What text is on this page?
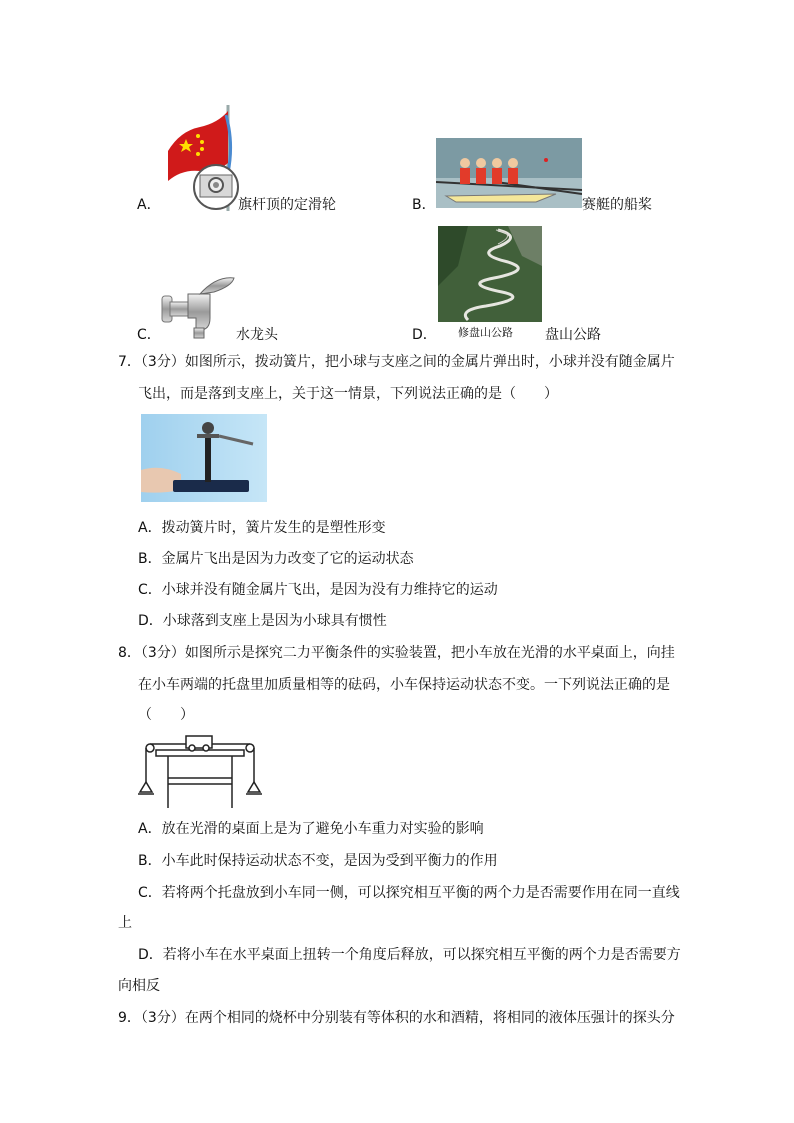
A．	旗杆顶的定滑轮	B．	赛艇的船桨
C．	水龙头	D． 修盘山公路 盘山公路
7．（3分）如图所示，拨动簧片，把小球与支座之间的金属片弹出时，小球并没有随金属片
飞出，而是落到支座上，关于这一情景，下列说法正确的是（　　）
A．拨动簧片时，簧片发生的是塑性形变
B．金属片飞出是因为力改变了它的运动状态
C．小球并没有随金属片飞出，是因为没有力维持它的运动
D．小球落到支座上是因为小球具有惯性
8．（3分）如图所示是探究二力平衡条件的实验装置，把小车放在光滑的水平桌面上，向挂
在小车两端的托盘里加质量相等的砝码，小车保持运动状态不变。一下列说法正确的是
（　　）
A．放在光滑的桌面上是为了避免小车重力对实验的影响
B．小车此时保持运动状态不变，是因为受到平衡力的作用
C．若将两个托盘放到小车同一侧，可以探究相互平衡的两个力是否需要作用在同一直线
上
D．若将小车在水平桌面上扭转一个角度后释放，可以探究相互平衡的两个力是否需要方
向相反
9．（3分）在两个相同的烧杯中分别装有等体积的水和酒精，将相同的液体压强计的探头分
